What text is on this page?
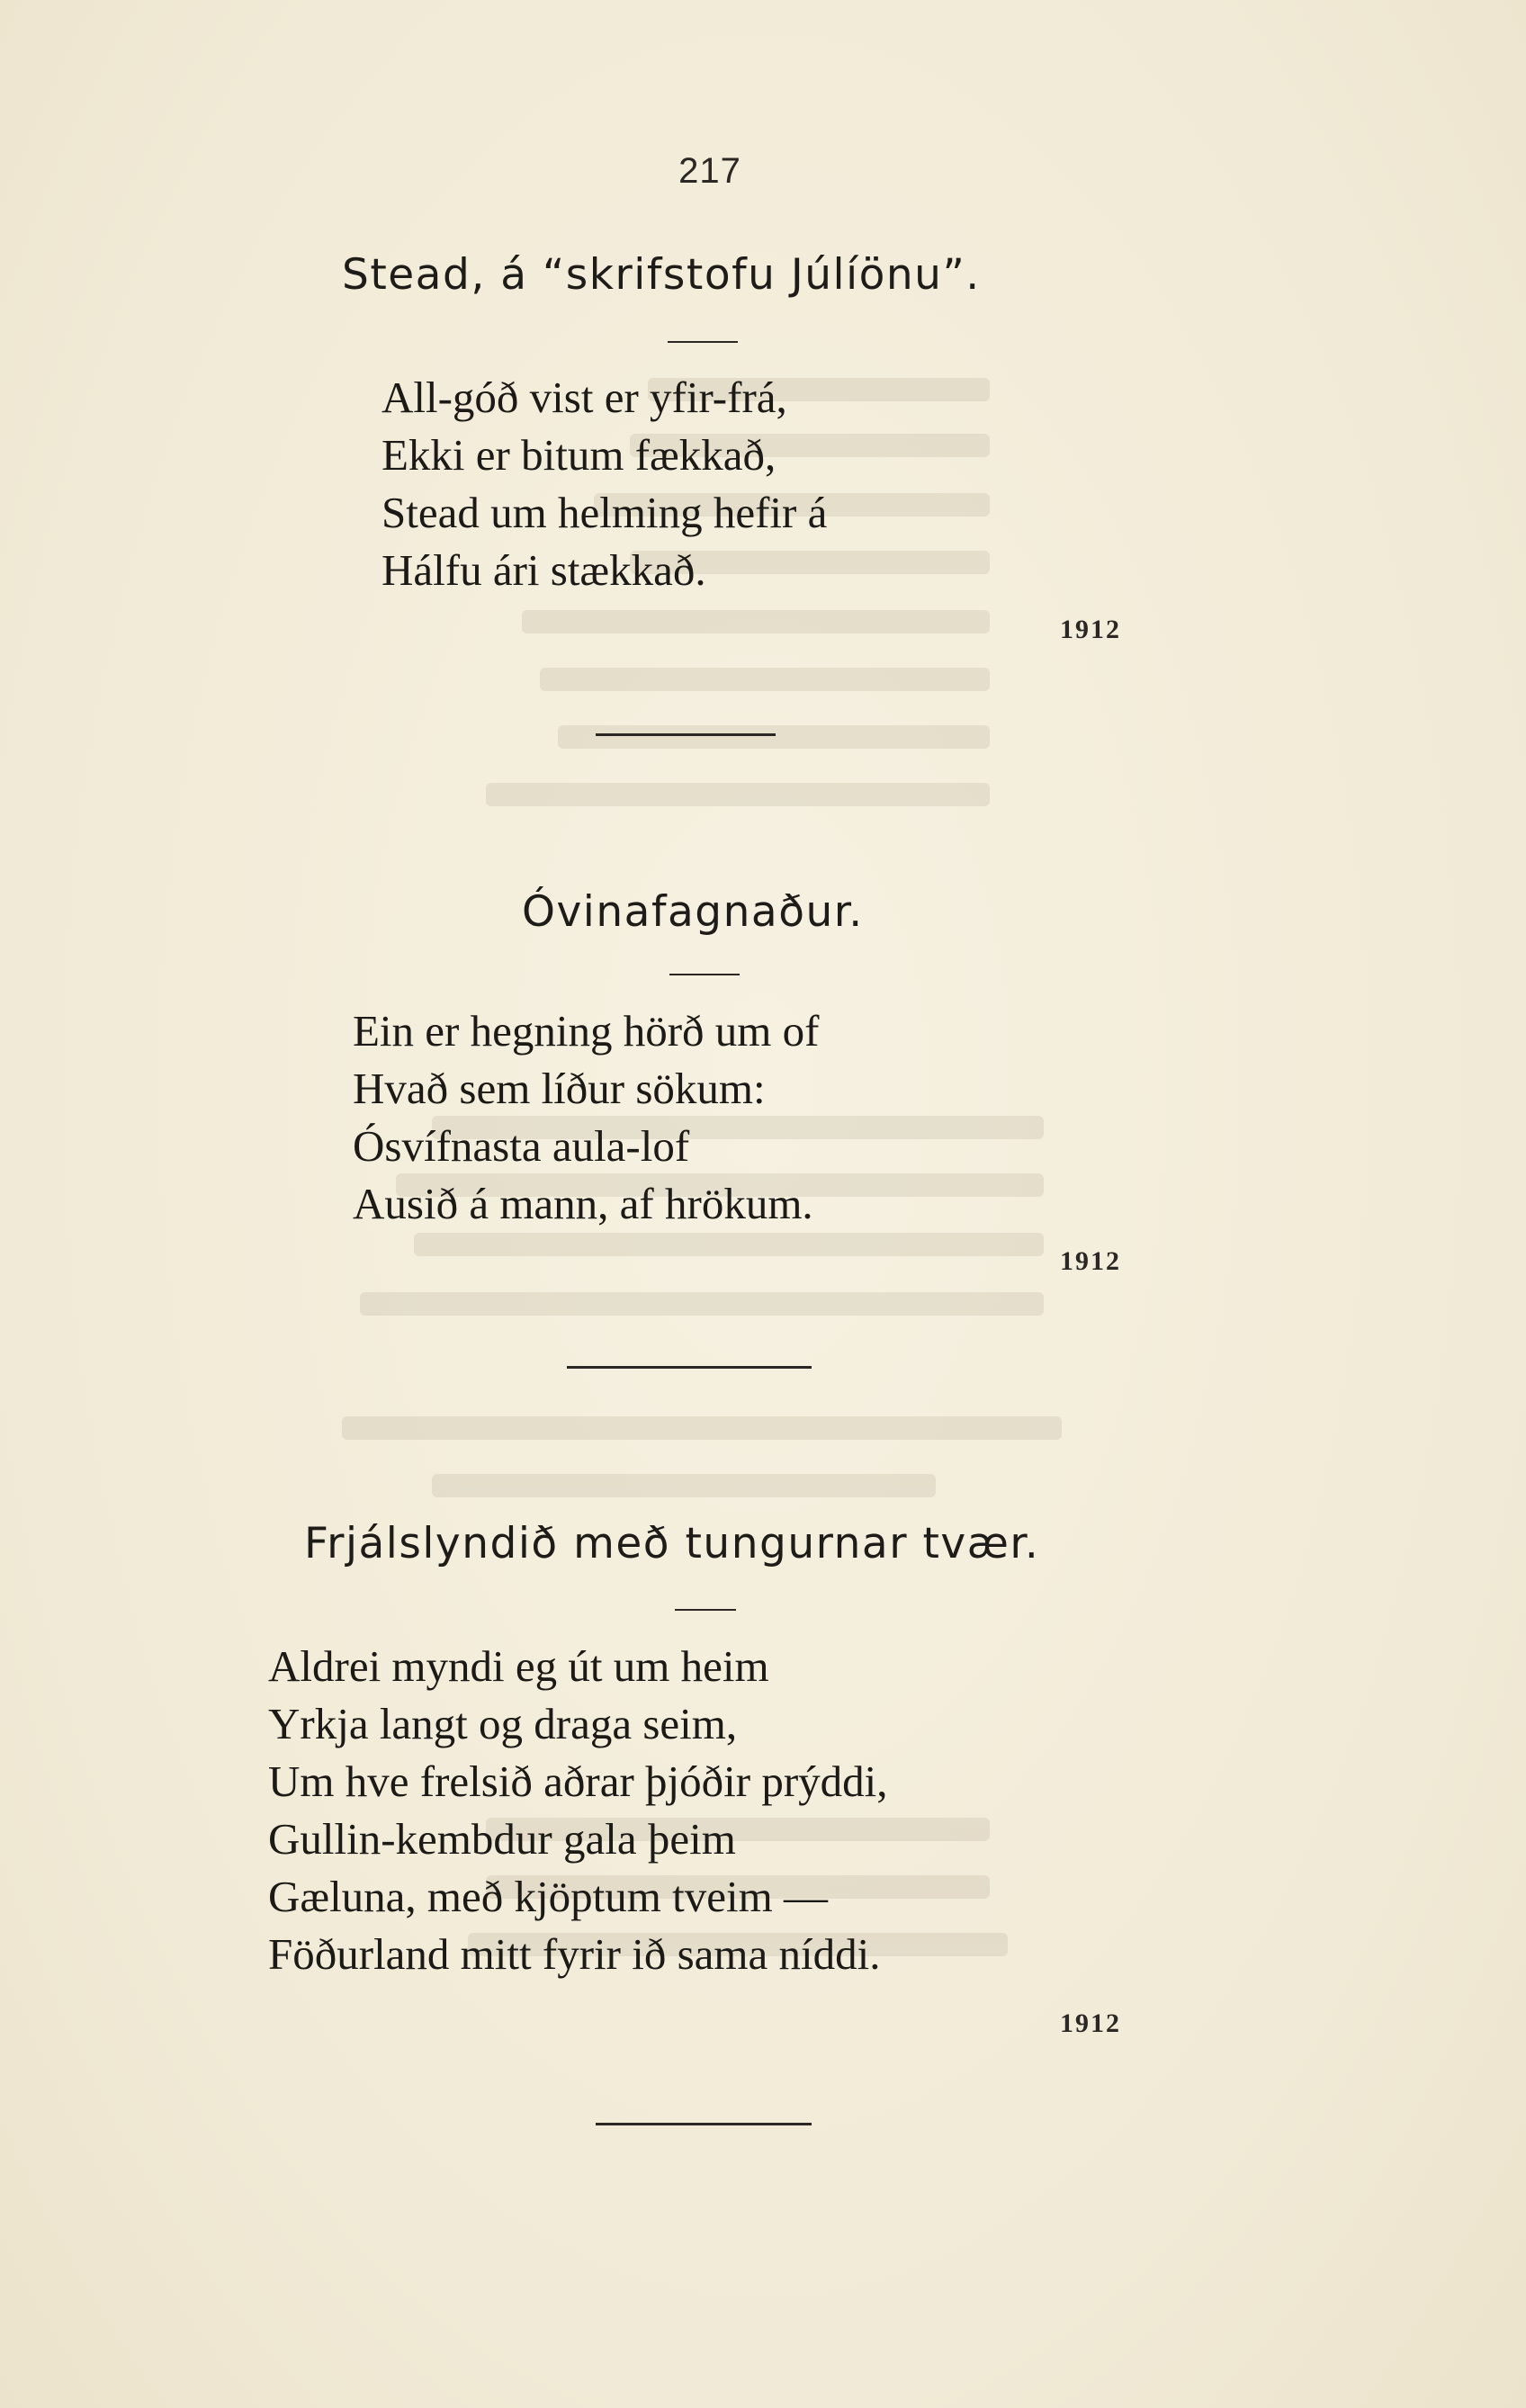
217
Stead, á “skrifstofu Júlíönu”.
All-góð vist er yfir-frá,
Ekki er bitum fækkað,
Stead um helming hefir á
Hálfu ári stækkað.
1912
Óvinafagnaður.
Ein er hegning hörð um of
Hvað sem líður sökum:
Ósvífnasta aula-lof
Ausið á mann, af hrökum.
1912
Frjálslyndið með tungurnar tvær.
Aldrei myndi eg út um heim
Yrkja langt og draga seim,
Um hve frelsið aðrar þjóðir prýddi,
Gullin-kembdur gala þeim
Gæluna, með kjöptum tveim —
Föðurland mitt fyrir ið sama níddi.
1912
